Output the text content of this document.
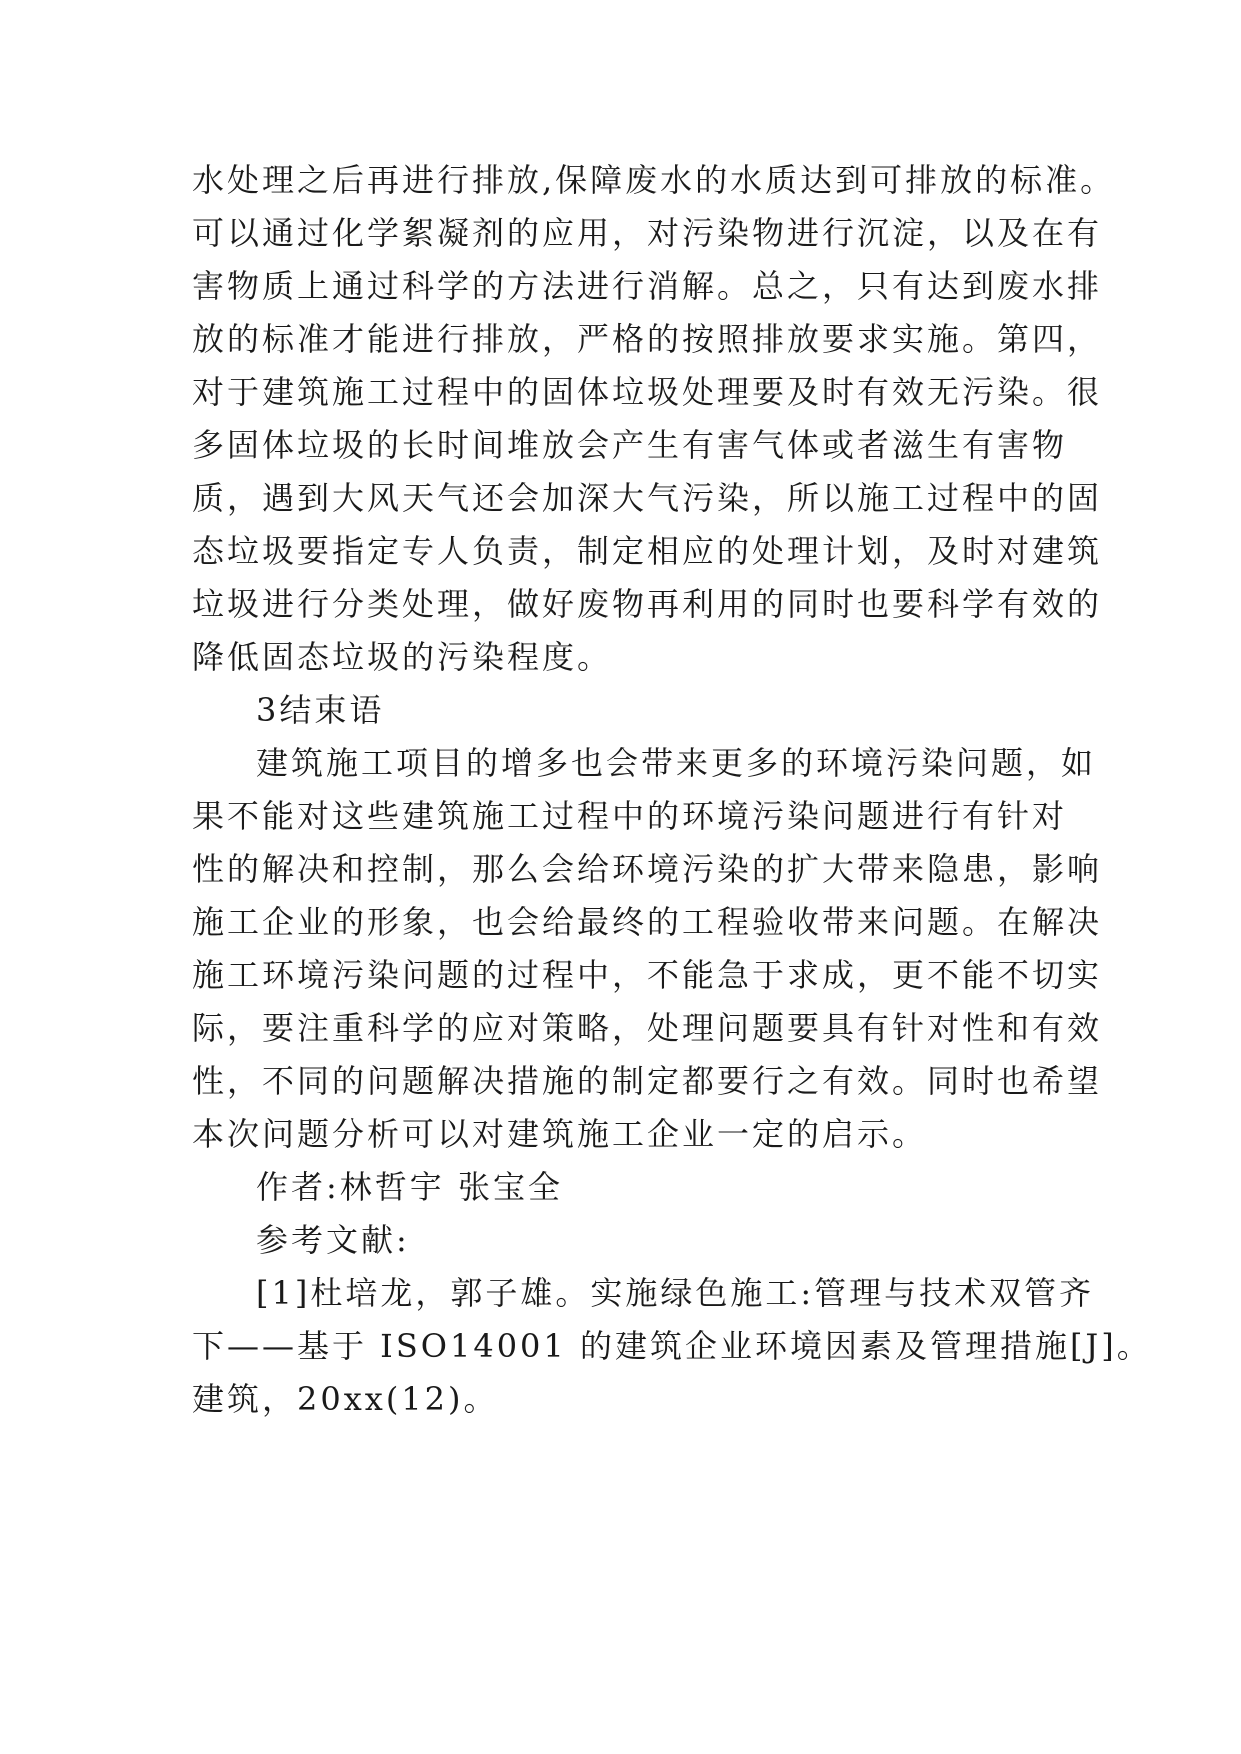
水处理之后再进行排放,保障废水的水质达到可排放的标准。
可以通过化学絮凝剂的应用，对污染物进行沉淀，以及在有
害物质上通过科学的方法进行消解。总之，只有达到废水排
放的标准才能进行排放，严格的按照排放要求实施。第四，
对于建筑施工过程中的固体垃圾处理要及时有效无污染。很
多固体垃圾的长时间堆放会产生有害气体或者滋生有害物
质，遇到大风天气还会加深大气污染，所以施工过程中的固
态垃圾要指定专人负责，制定相应的处理计划，及时对建筑
垃圾进行分类处理，做好废物再利用的同时也要科学有效的
降低固态垃圾的污染程度。
3结束语
建筑施工项目的增多也会带来更多的环境污染问题，如
果不能对这些建筑施工过程中的环境污染问题进行有针对
性的解决和控制，那么会给环境污染的扩大带来隐患，影响
施工企业的形象，也会给最终的工程验收带来问题。在解决
施工环境污染问题的过程中，不能急于求成，更不能不切实
际，要注重科学的应对策略，处理问题要具有针对性和有效
性，不同的问题解决措施的制定都要行之有效。同时也希望
本次问题分析可以对建筑施工企业一定的启示。
作者:林哲宇 张宝全
参考文献:
[1]杜培龙，郭子雄。实施绿色施工:管理与技术双管齐
下——基于 ISO14001 的建筑企业环境因素及管理措施[J]。
建筑，20xx(12)。
